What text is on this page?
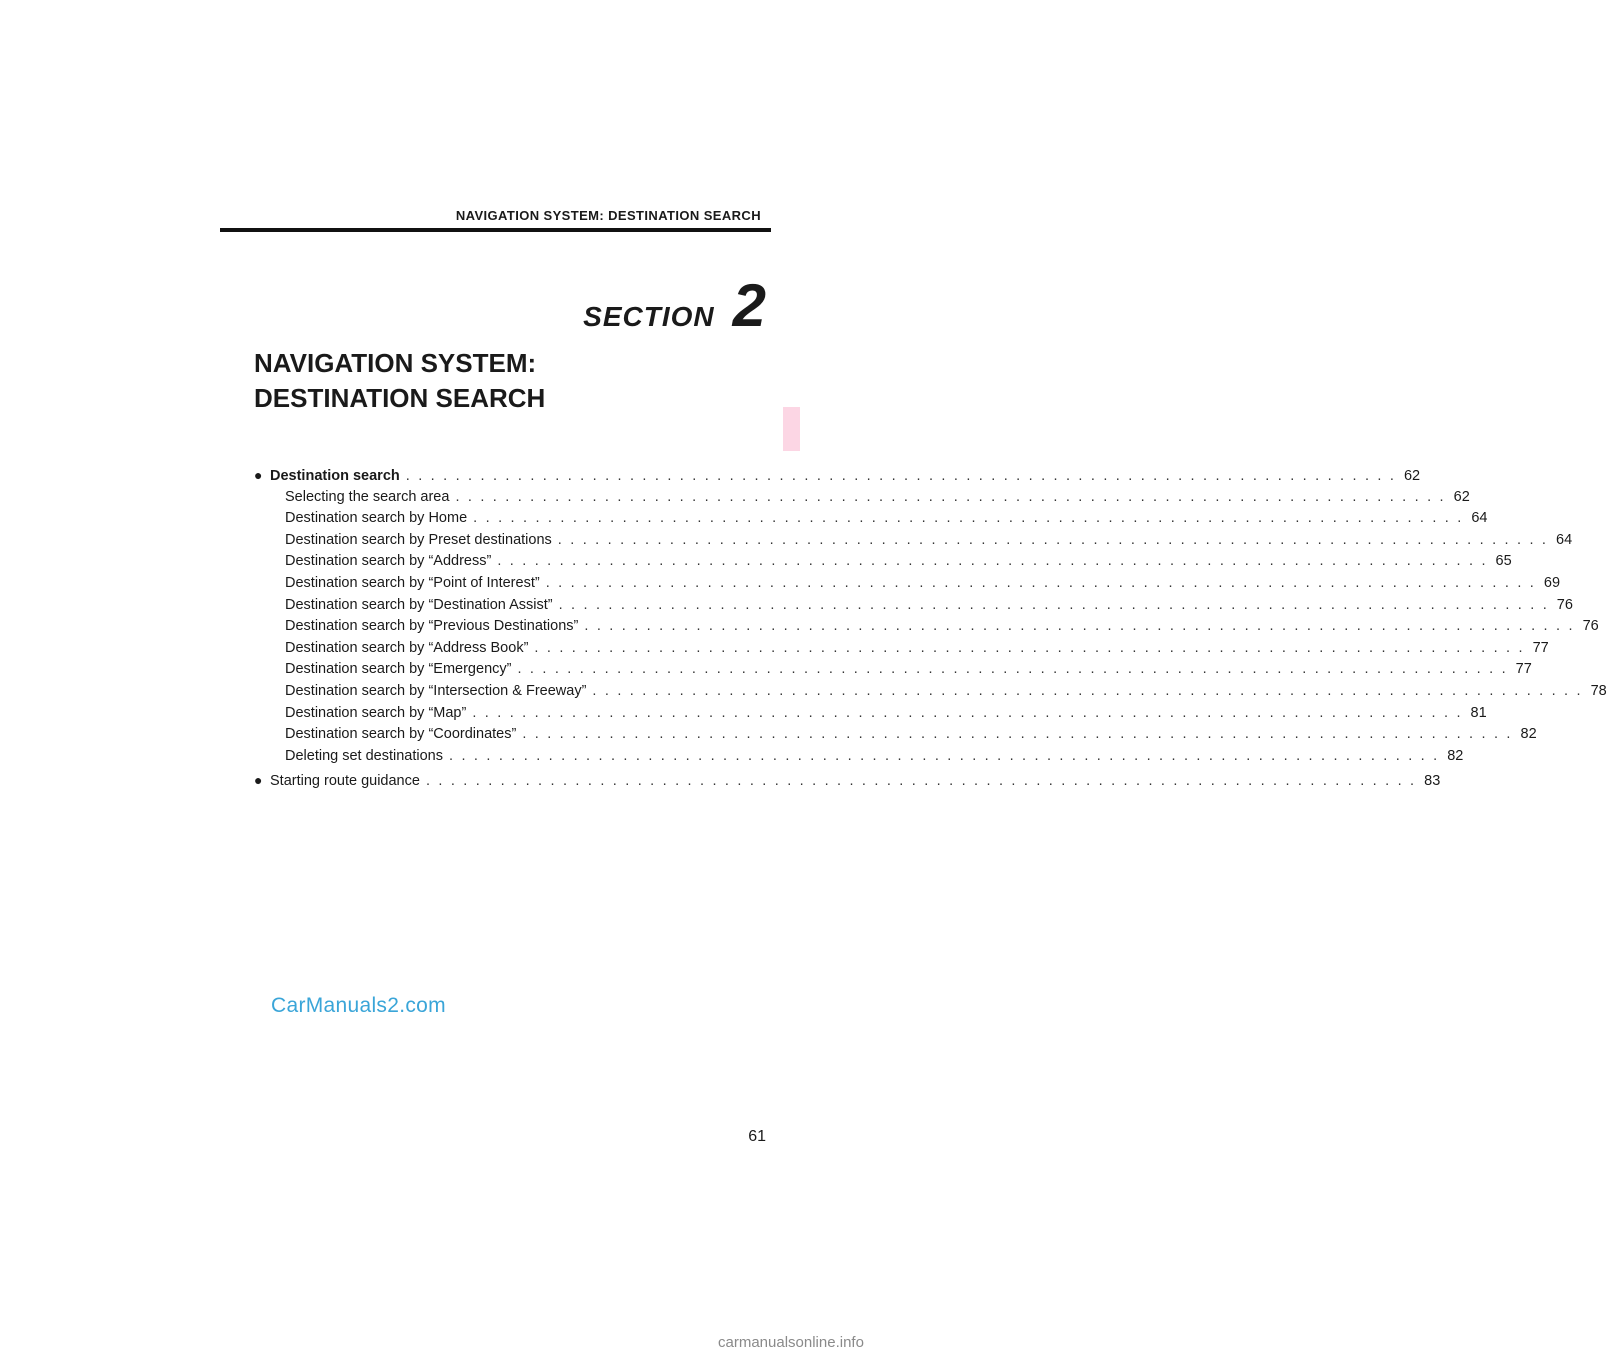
NAVIGATION SYSTEM: DESTINATION SEARCH
SECTION 2
NAVIGATION SYSTEM:
DESTINATION SEARCH
● Destination search . . . . . . . . . . . . . . . . . . . . . . . . . . . . . . . . . . . . . . . . . . . . . . . . . . . . . . . . . . . . . . . . . . . . . . . . . . . . . . . . 62
Selecting the search area . . . . . . . . . . . . . . . . . . . . . . . . . . . . . . . . . . . . . . . . . . . . . . . . . . . . . . . . . . . . . . . . . . . . . . . . . . . . . . . . 62
Destination search by Home . . . . . . . . . . . . . . . . . . . . . . . . . . . . . . . . . . . . . . . . . . . . . . . . . . . . . . . . . . . . . . . . . . . . . . . . . . . . . . . . 64
Destination search by Preset destinations . . . . . . . . . . . . . . . . . . . . . . . . . . . . . . . . . . . . . . . . . . . . . . . . . . . . . . . . . . . . . . . . . . . . . . . . . . . . . . . . 64
Destination search by “Address” . . . . . . . . . . . . . . . . . . . . . . . . . . . . . . . . . . . . . . . . . . . . . . . . . . . . . . . . . . . . . . . . . . . . . . . . . . . . . . . . 65
Destination search by “Point of Interest” . . . . . . . . . . . . . . . . . . . . . . . . . . . . . . . . . . . . . . . . . . . . . . . . . . . . . . . . . . . . . . . . . . . . . . . . . . . . . . . . 69
Destination search by “Destination Assist” . . . . . . . . . . . . . . . . . . . . . . . . . . . . . . . . . . . . . . . . . . . . . . . . . . . . . . . . . . . . . . . . . . . . . . . . . . . . . . . . 76
Destination search by “Previous Destinations” . . . . . . . . . . . . . . . . . . . . . . . . . . . . . . . . . . . . . . . . . . . . . . . . . . . . . . . . . . . . . . . . . . . . . . . . . . . . . . . . 76
Destination search by “Address Book” . . . . . . . . . . . . . . . . . . . . . . . . . . . . . . . . . . . . . . . . . . . . . . . . . . . . . . . . . . . . . . . . . . . . . . . . . . . . . . . . 77
Destination search by “Emergency” . . . . . . . . . . . . . . . . . . . . . . . . . . . . . . . . . . . . . . . . . . . . . . . . . . . . . . . . . . . . . . . . . . . . . . . . . . . . . . . . 77
Destination search by “Intersection & Freeway” . . . . . . . . . . . . . . . . . . . . . . . . . . . . . . . . . . . . . . . . . . . . . . . . . . . . . . . . . . . . . . . . . . . . . . . . . . . . . . . . 78
Destination search by “Map” . . . . . . . . . . . . . . . . . . . . . . . . . . . . . . . . . . . . . . . . . . . . . . . . . . . . . . . . . . . . . . . . . . . . . . . . . . . . . . . . 81
Destination search by “Coordinates” . . . . . . . . . . . . . . . . . . . . . . . . . . . . . . . . . . . . . . . . . . . . . . . . . . . . . . . . . . . . . . . . . . . . . . . . . . . . . . . . 82
Deleting set destinations . . . . . . . . . . . . . . . . . . . . . . . . . . . . . . . . . . . . . . . . . . . . . . . . . . . . . . . . . . . . . . . . . . . . . . . . . . . . . . . . 82
● Starting route guidance . . . . . . . . . . . . . . . . . . . . . . . . . . . . . . . . . . . . . . . . . . . . . . . . . . . . . . . . . . . . . . . . . . . . . . . . . . . . . . . . 83
CarManuals2.com
61
carmanualsonline.info
